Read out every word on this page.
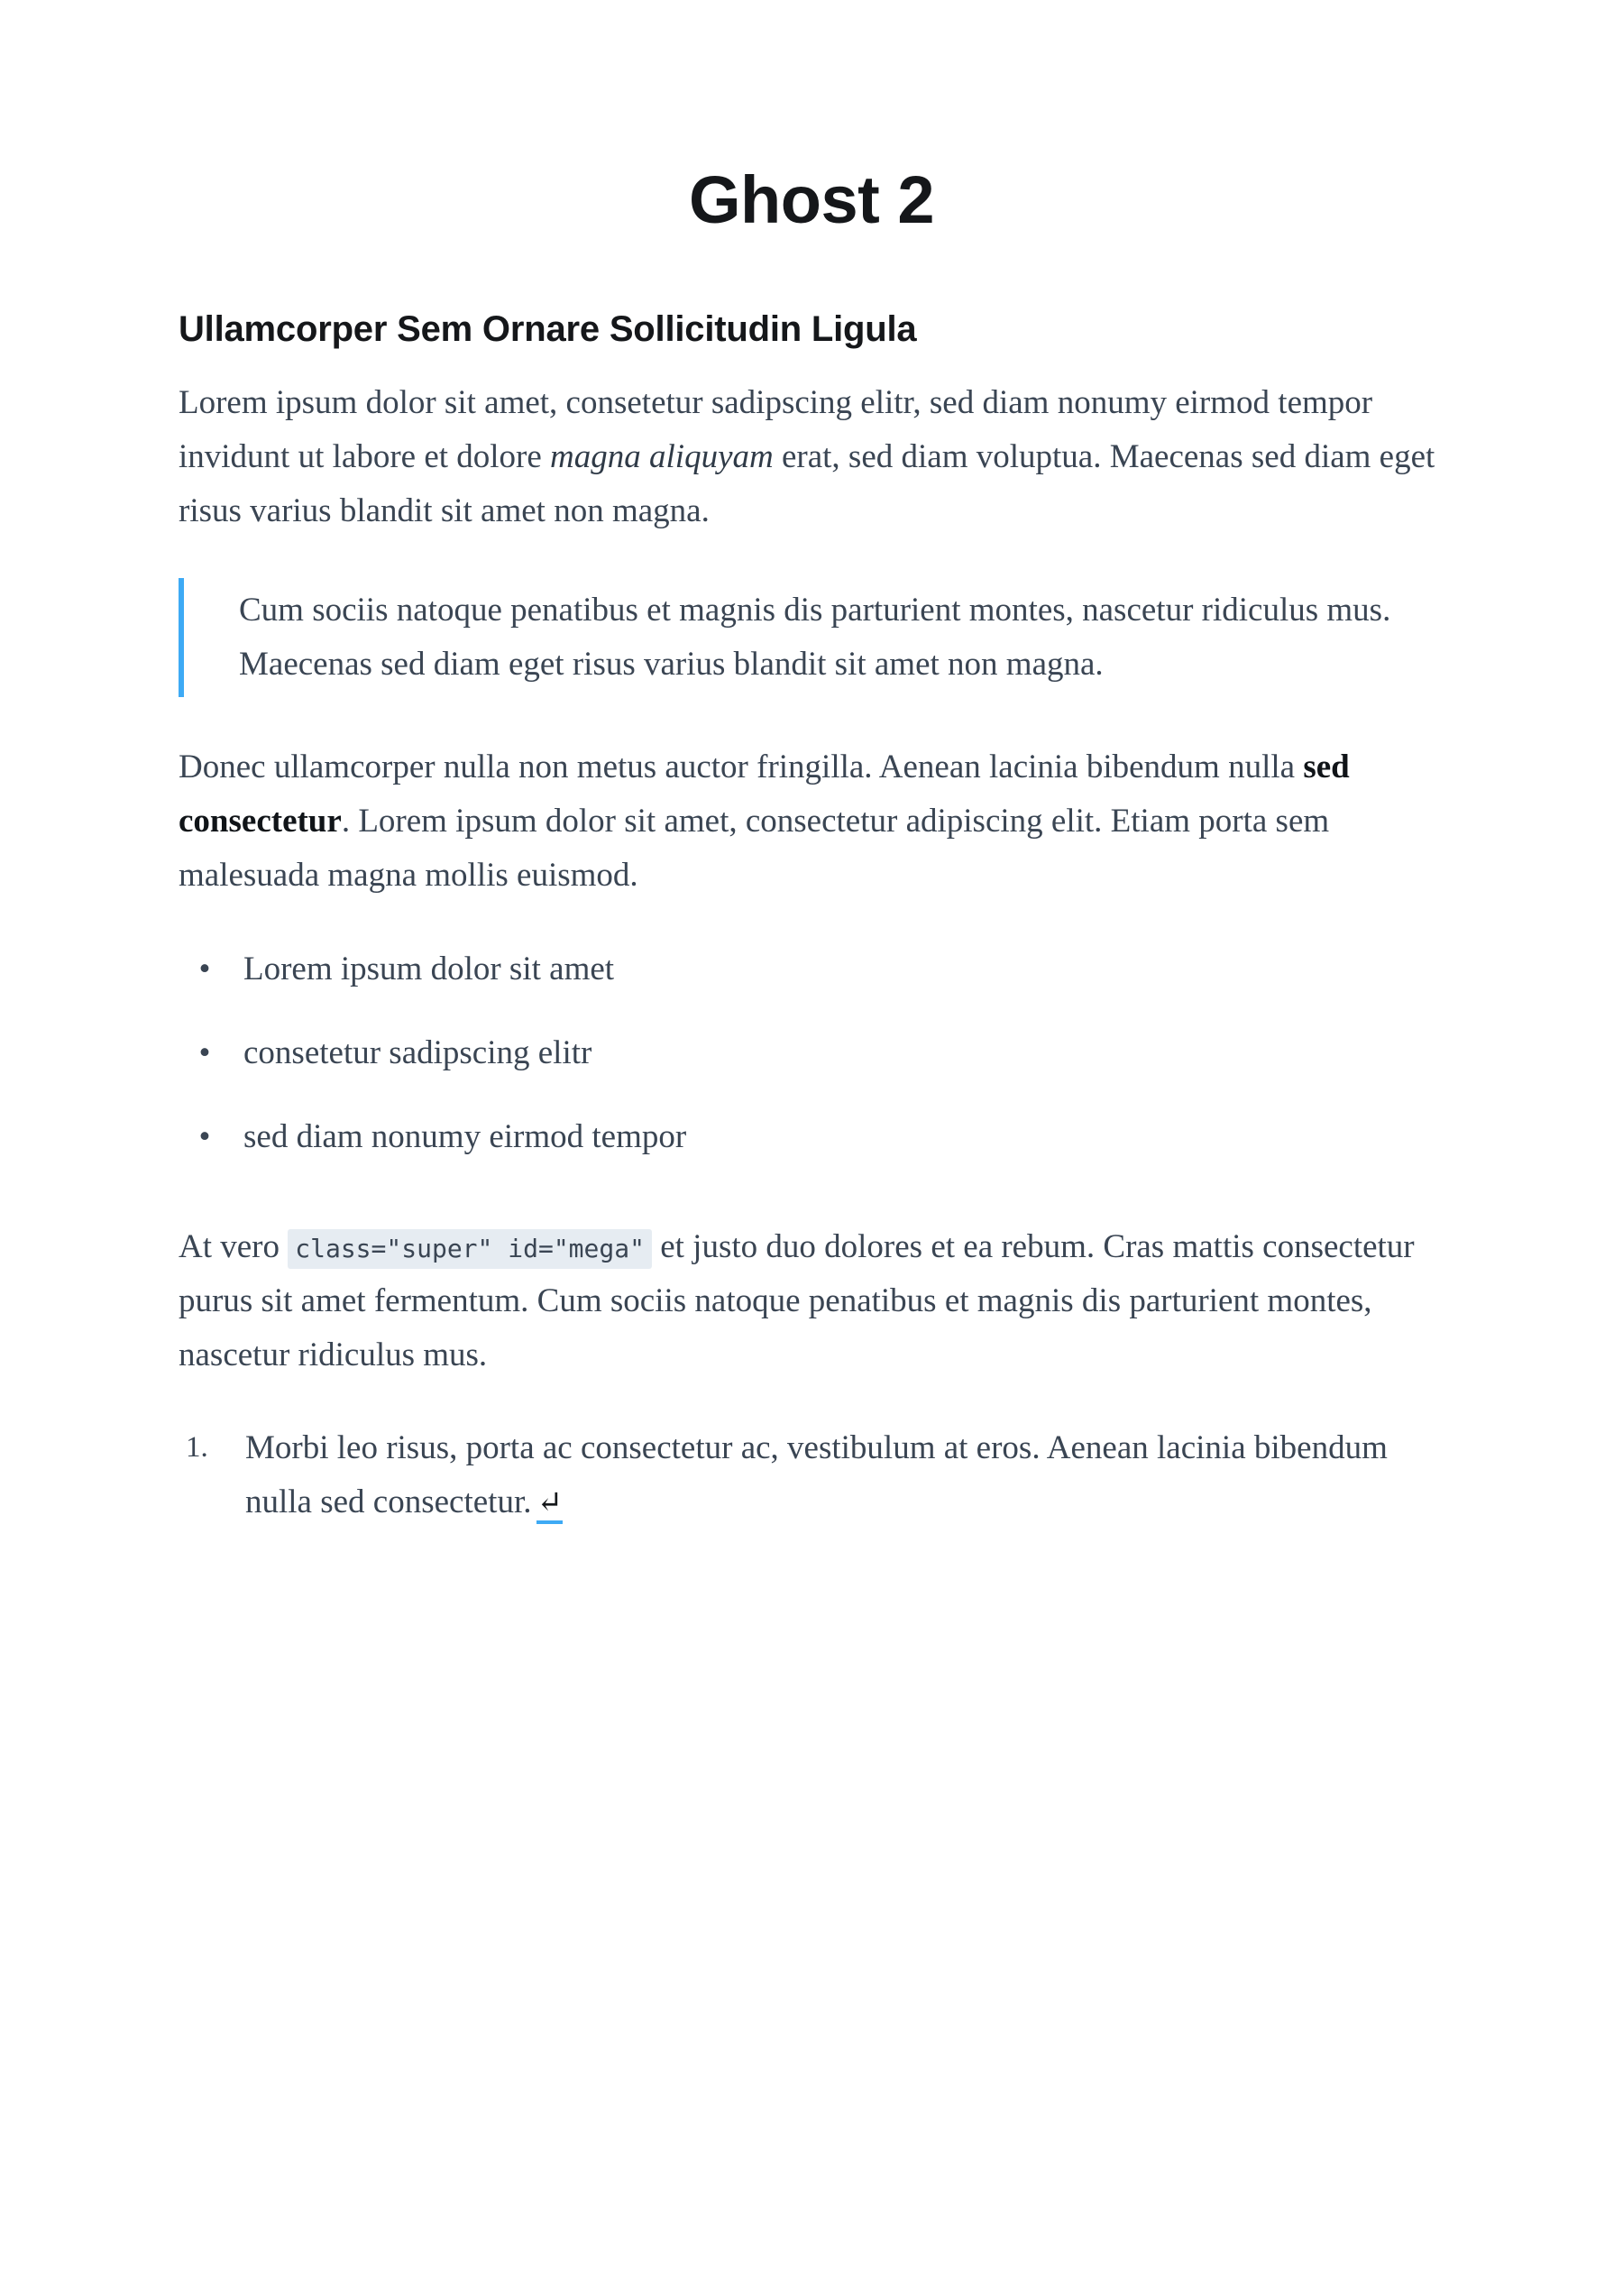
Ghost 2
Ullamcorper Sem Ornare Sollicitudin Ligula

Lorem ipsum dolor sit amet, consetetur sadipscing elitr, sed diam nonumy eirmod tempor invidunt ut labore et dolore magna aliquyam erat, sed diam voluptua. Maecenas sed diam eget risus varius blandit sit amet non magna.

Cum sociis natoque penatibus et magnis dis parturient montes, nascetur ridiculus mus. Maecenas sed diam eget risus varius blandit sit amet non magna.

Donec ullamcorper nulla non metus auctor fringilla. Aenean lacinia bibendum nulla sed consectetur. Lorem ipsum dolor sit amet, consectetur adipiscing elit. Etiam porta sem malesuada magna mollis euismod.

• Lorem ipsum dolor sit amet
• consetetur sadipscing elitr
• sed diam nonumy eirmod tempor

At vero class="super" id="mega" et justo duo dolores et ea rebum. Cras mattis consectetur purus sit amet fermentum. Cum sociis natoque penatibus et magnis dis parturient montes, nascetur ridiculus mus.

1.	Morbi leo risus, porta ac consectetur ac, vestibulum at eros. Aenean lacinia bibendum nulla sed consectetur. ↵
